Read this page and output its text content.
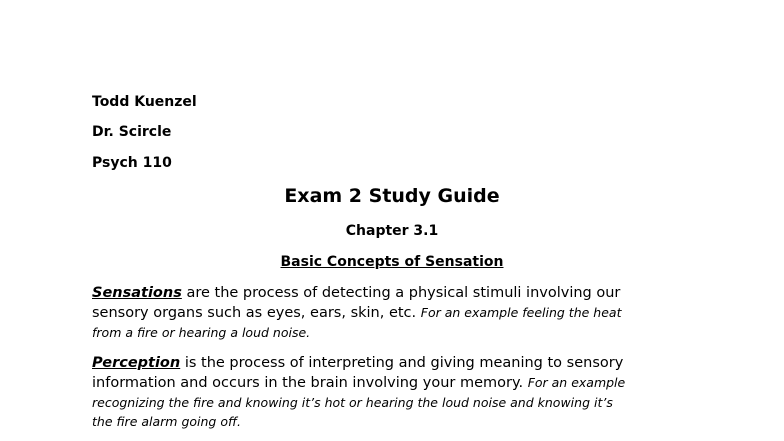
Todd Kuenzel
Dr. Scircle
Psych 110
Exam 2 Study Guide
Chapter 3.1
Basic Concepts of Sensation
Sensations are the process of detecting a physical stimuli involving our
sensory organs such as eyes, ears, skin, etc. For an example feeling the heat
from a fire or hearing a loud noise.
Perception is the process of interpreting and giving meaning to sensory
information and occurs in the brain involving your memory. For an example
recognizing the fire and knowing it’s hot or hearing the loud noise and knowing it’s
the fire alarm going off.
